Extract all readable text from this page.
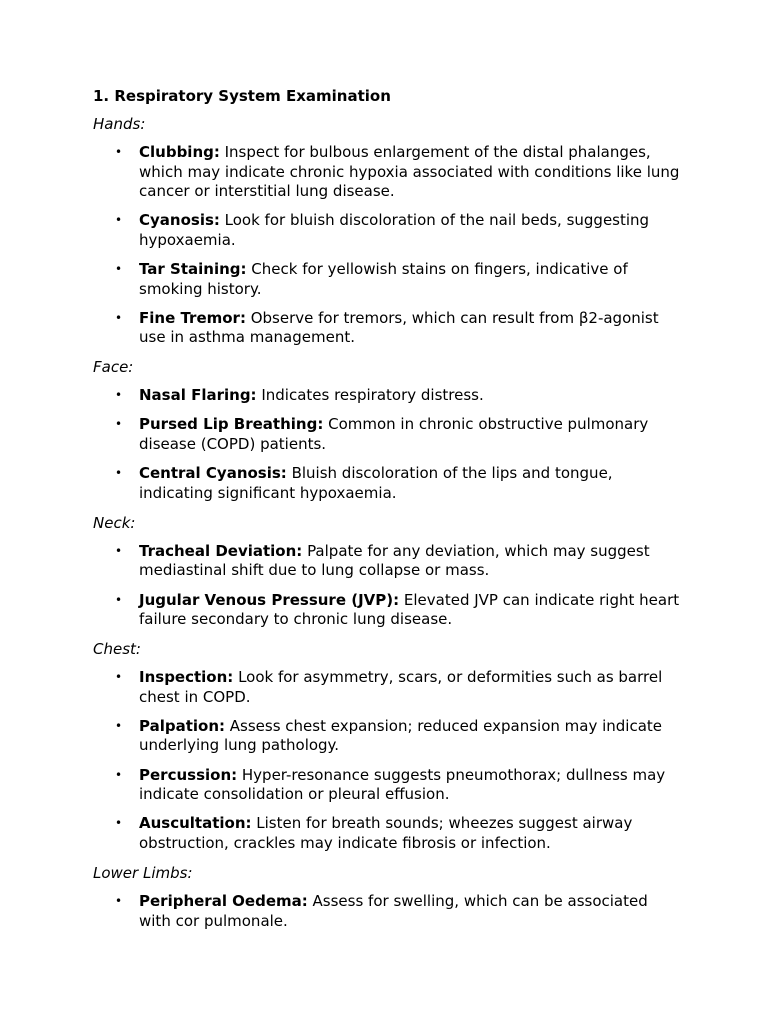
1. Respiratory System Examination
Hands:
• Clubbing: Inspect for bulbous enlargement of the distal phalanges, which may indicate chronic hypoxia associated with conditions like lung cancer or interstitial lung disease.
• Cyanosis: Look for bluish discoloration of the nail beds, suggesting hypoxaemia.
• Tar Staining: Check for yellowish stains on fingers, indicative of smoking history.
• Fine Tremor: Observe for tremors, which can result from β2-agonist use in asthma management.
Face:
• Nasal Flaring: Indicates respiratory distress.
• Pursed Lip Breathing: Common in chronic obstructive pulmonary disease (COPD) patients.
• Central Cyanosis: Bluish discoloration of the lips and tongue, indicating significant hypoxaemia.
Neck:
• Tracheal Deviation: Palpate for any deviation, which may suggest mediastinal shift due to lung collapse or mass.
• Jugular Venous Pressure (JVP): Elevated JVP can indicate right heart failure secondary to chronic lung disease.
Chest:
• Inspection: Look for asymmetry, scars, or deformities such as barrel chest in COPD.
• Palpation: Assess chest expansion; reduced expansion may indicate underlying lung pathology.
• Percussion: Hyper-resonance suggests pneumothorax; dullness may indicate consolidation or pleural effusion.
• Auscultation: Listen for breath sounds; wheezes suggest airway obstruction, crackles may indicate fibrosis or infection.
Lower Limbs:
• Peripheral Oedema: Assess for swelling, which can be associated with cor pulmonale.
